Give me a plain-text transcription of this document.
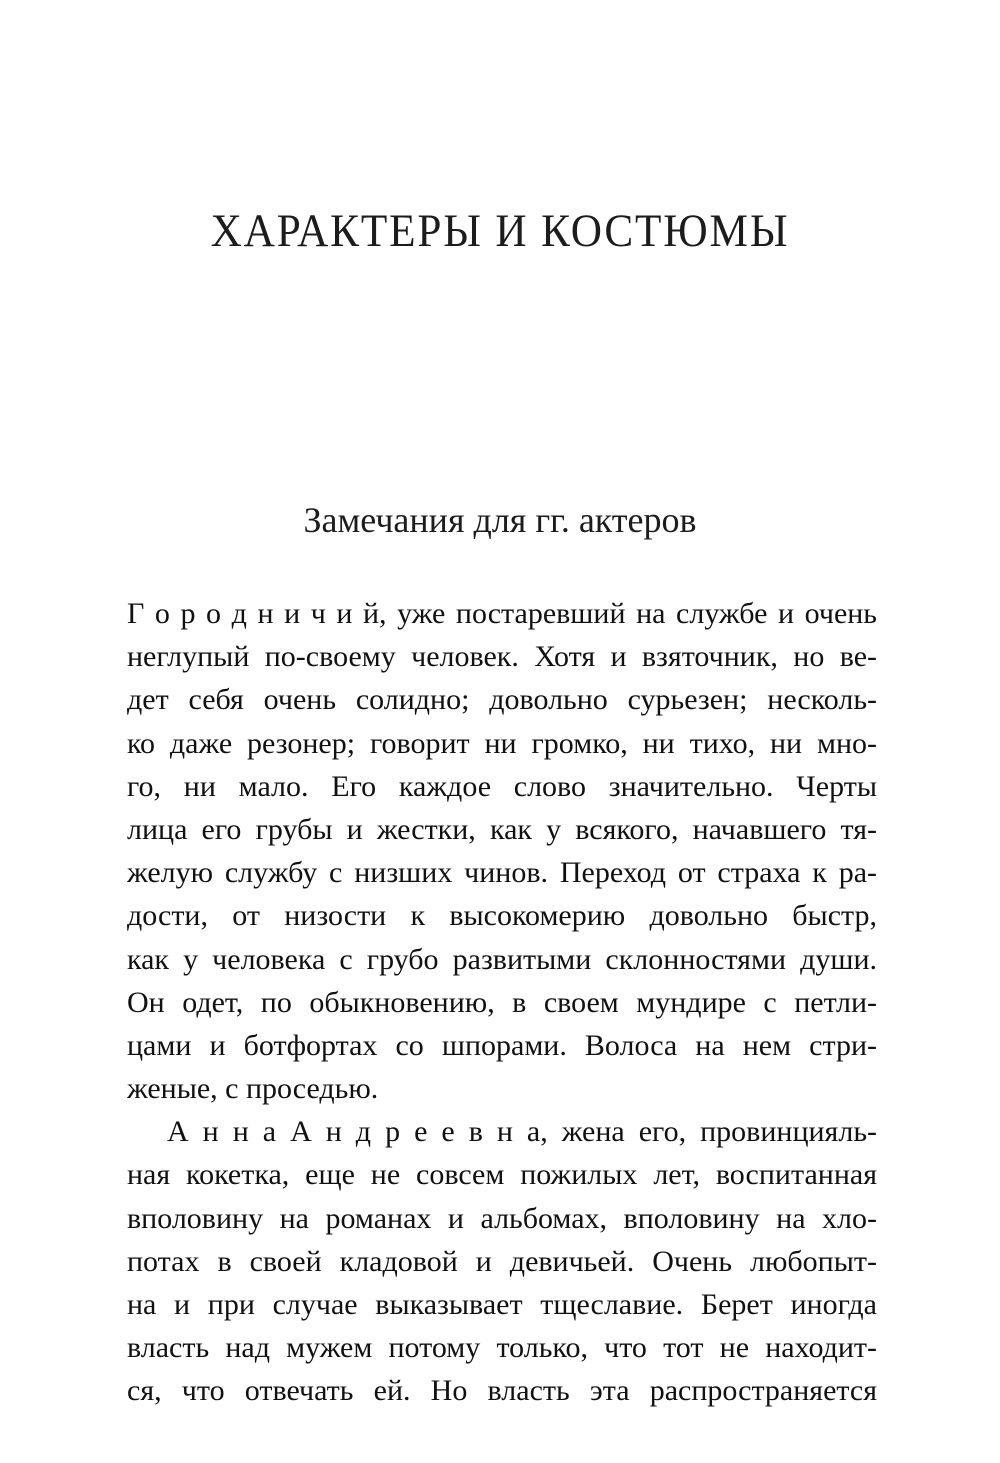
ХАРАКТЕРЫ И КОСТЮМЫ
Замечания для гг. актеров
Г о р о д н и ч и й, уже постаревший на службе и очень
неглупый по-своему человек. Хотя и взяточник, но ве-
дет себя очень солидно; довольно сурьезен; несколь-
ко даже резонер; говорит ни громко, ни тихо, ни мно-
го, ни мало. Его каждое слово значительно. Черты
лица его грубы и жестки, как у всякого, начавшего тя-
желую службу с низших чинов. Переход от страха к ра-
дости, от низости к высокомерию довольно быстр,
как у человека с грубо развитыми склонностями души.
Он одет, по обыкновению, в своем мундире с петли-
цами и ботфортах со шпорами. Волоса на нем стри-
женые, с проседью.
А н н а А н д р е е в н а, жена его, провинцияль-
ная кокетка, еще не совсем пожилых лет, воспитанная
вполовину на романах и альбомах, вполовину на хло-
потах в своей кладовой и девичьей. Очень любопыт-
на и при случае выказывает тщеславие. Берет иногда
власть над мужем потому только, что тот не находит-
ся, что отвечать ей. Но власть эта распространяется
